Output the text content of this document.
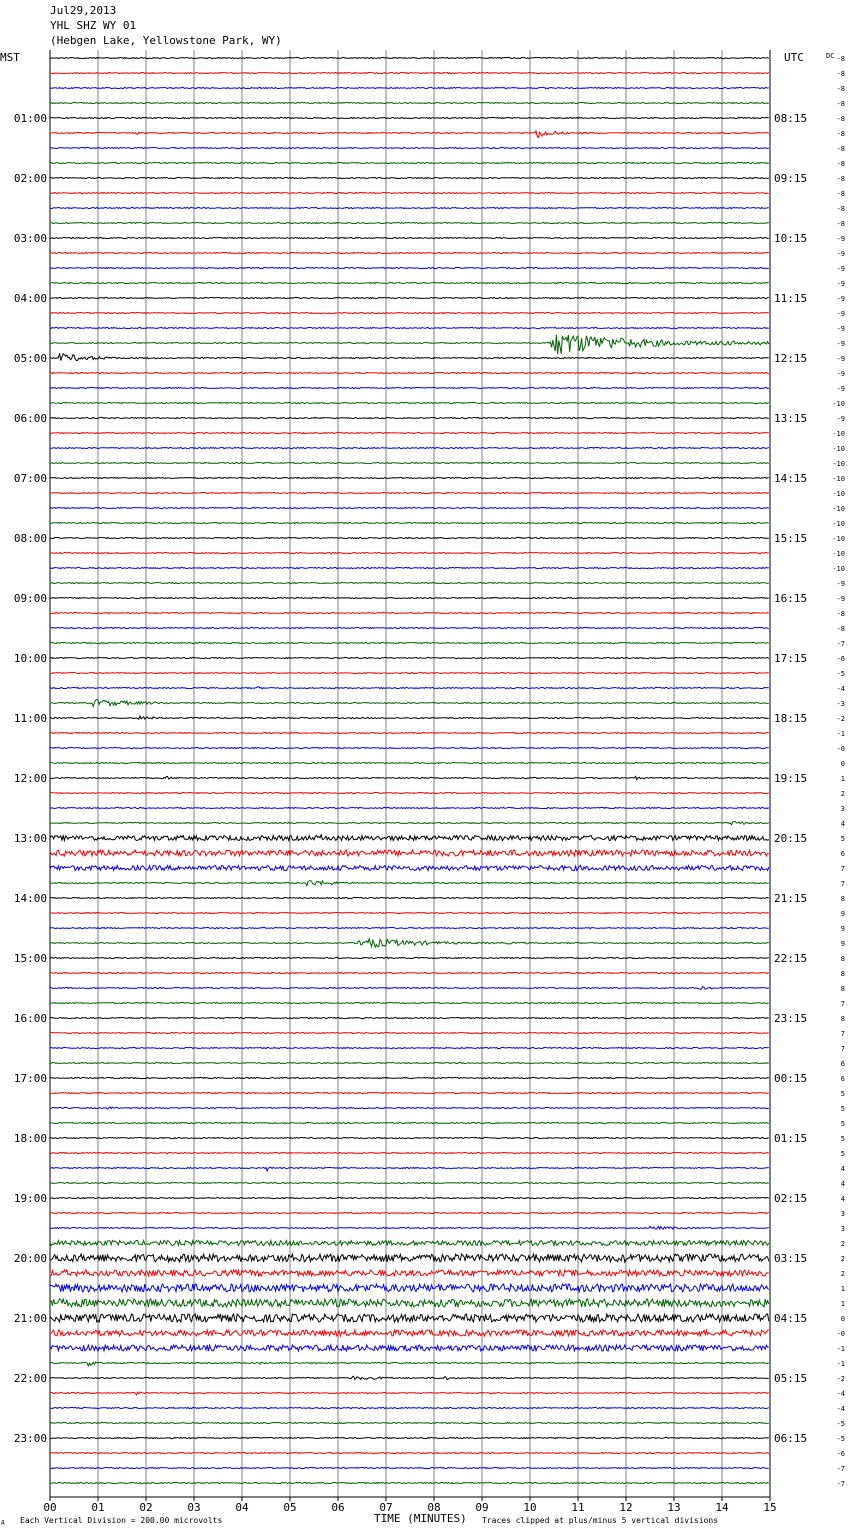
Jul29,2013
YHL SHZ WY 01
(Hebgen Lake, Yellowstone Park, WY)
MST	UTC	DC
01:00
02:00
03:00
04:00
05:00
06:00
07:00
08:00
09:00
10:00
11:00
12:00
13:00
14:00
15:00
16:00
17:00
18:00
19:00
20:00
21:00
22:00
23:00
08:15
09:15
10:15
11:15
12:15
13:15
14:15
15:15
16:15
17:15
18:15
19:15
20:15
21:15
22:15
23:15
00:15
01:15
02:15
03:15
04:15
05:15
06:15
-8
-8
-8
-8
-8
-8
-8
-8
-8
-8
-8
-8
-9
-9
-9
-9
-9
-9
-9
-9
-9
-9
-9
-10
-9
-10
-10
-10
-10
-10
-10
-10
-10
-10
-10
-9
-9
-8
-8
-7
-6
-5
-4
-3
-2
-1
-0
0
1
2
3
4
5
6
7
7
8
9
9
9
8
8
8
7
8
7
7
6
6
5
5
5
5
5
4
4
4
3
3
2
2
2
1
1
0
-0
-1
-1
-2
-4
-4
-5
-5
-6
-7
-7
00	01	02	03	04	05	06	07	08	09	10	11	12	13	14	15
д Each Vertical Division = 200.00 microvolts	TIME (MINUTES) Traces clipped at plus/minus 5 vertical divisions
